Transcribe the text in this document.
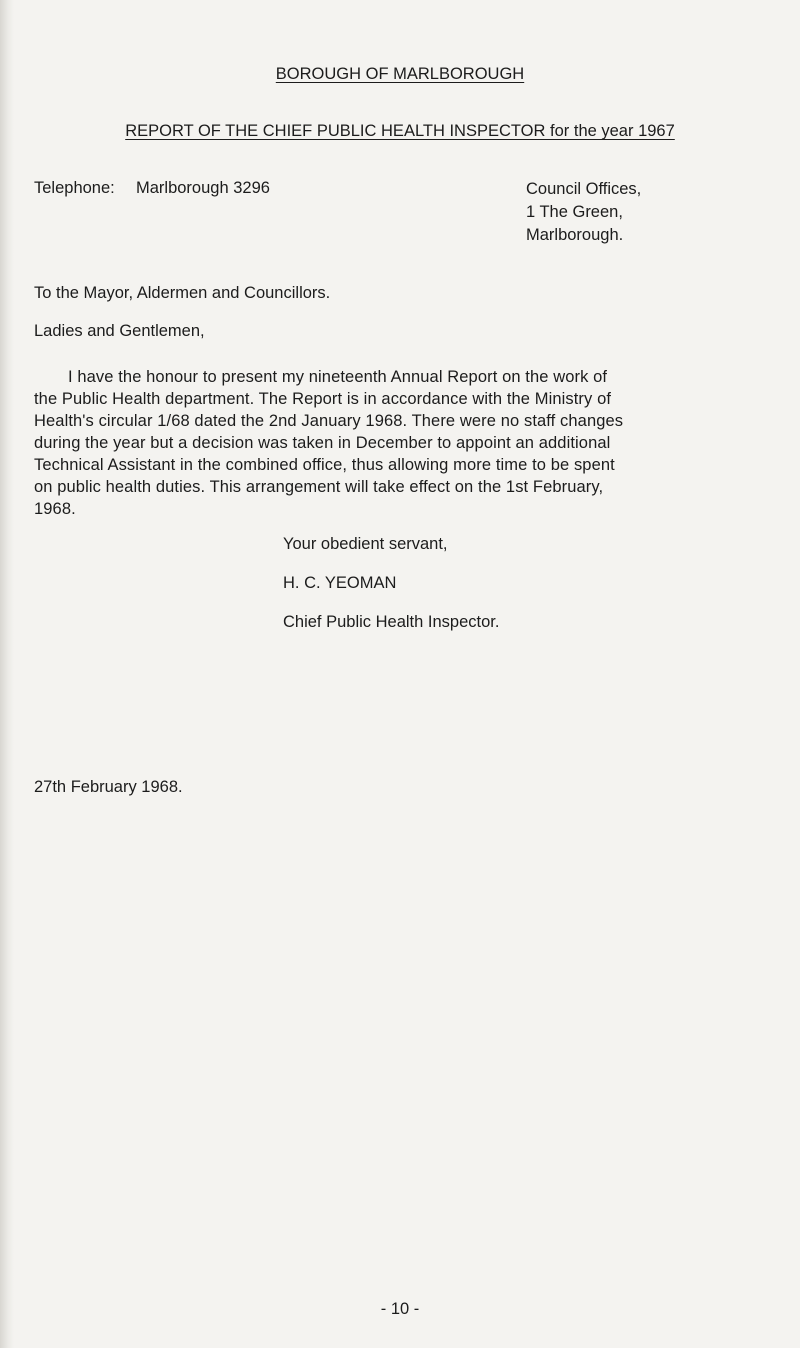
BOROUGH OF MARLBOROUGH
REPORT OF THE CHIEF PUBLIC HEALTH INSPECTOR for the year 1967
Telephone: Marlborough 3296	Council Offices,
1 The Green,
Marlborough.
To the Mayor, Aldermen and Councillors.
Ladies and Gentlemen,
I have the honour to present my nineteenth Annual Report on the work of
the Public Health department. The Report is in accordance with the Ministry of
Health's circular 1/68 dated the 2nd January 1968. There were no staff changes
during the year but a decision was taken in December to appoint an additional
Technical Assistant in the combined office, thus allowing more time to be spent
on public health duties. This arrangement will take effect on the 1st February,
1968.
Your obedient servant,
H. C. YEOMAN
Chief Public Health Inspector.
27th February 1968.
- 10 -
